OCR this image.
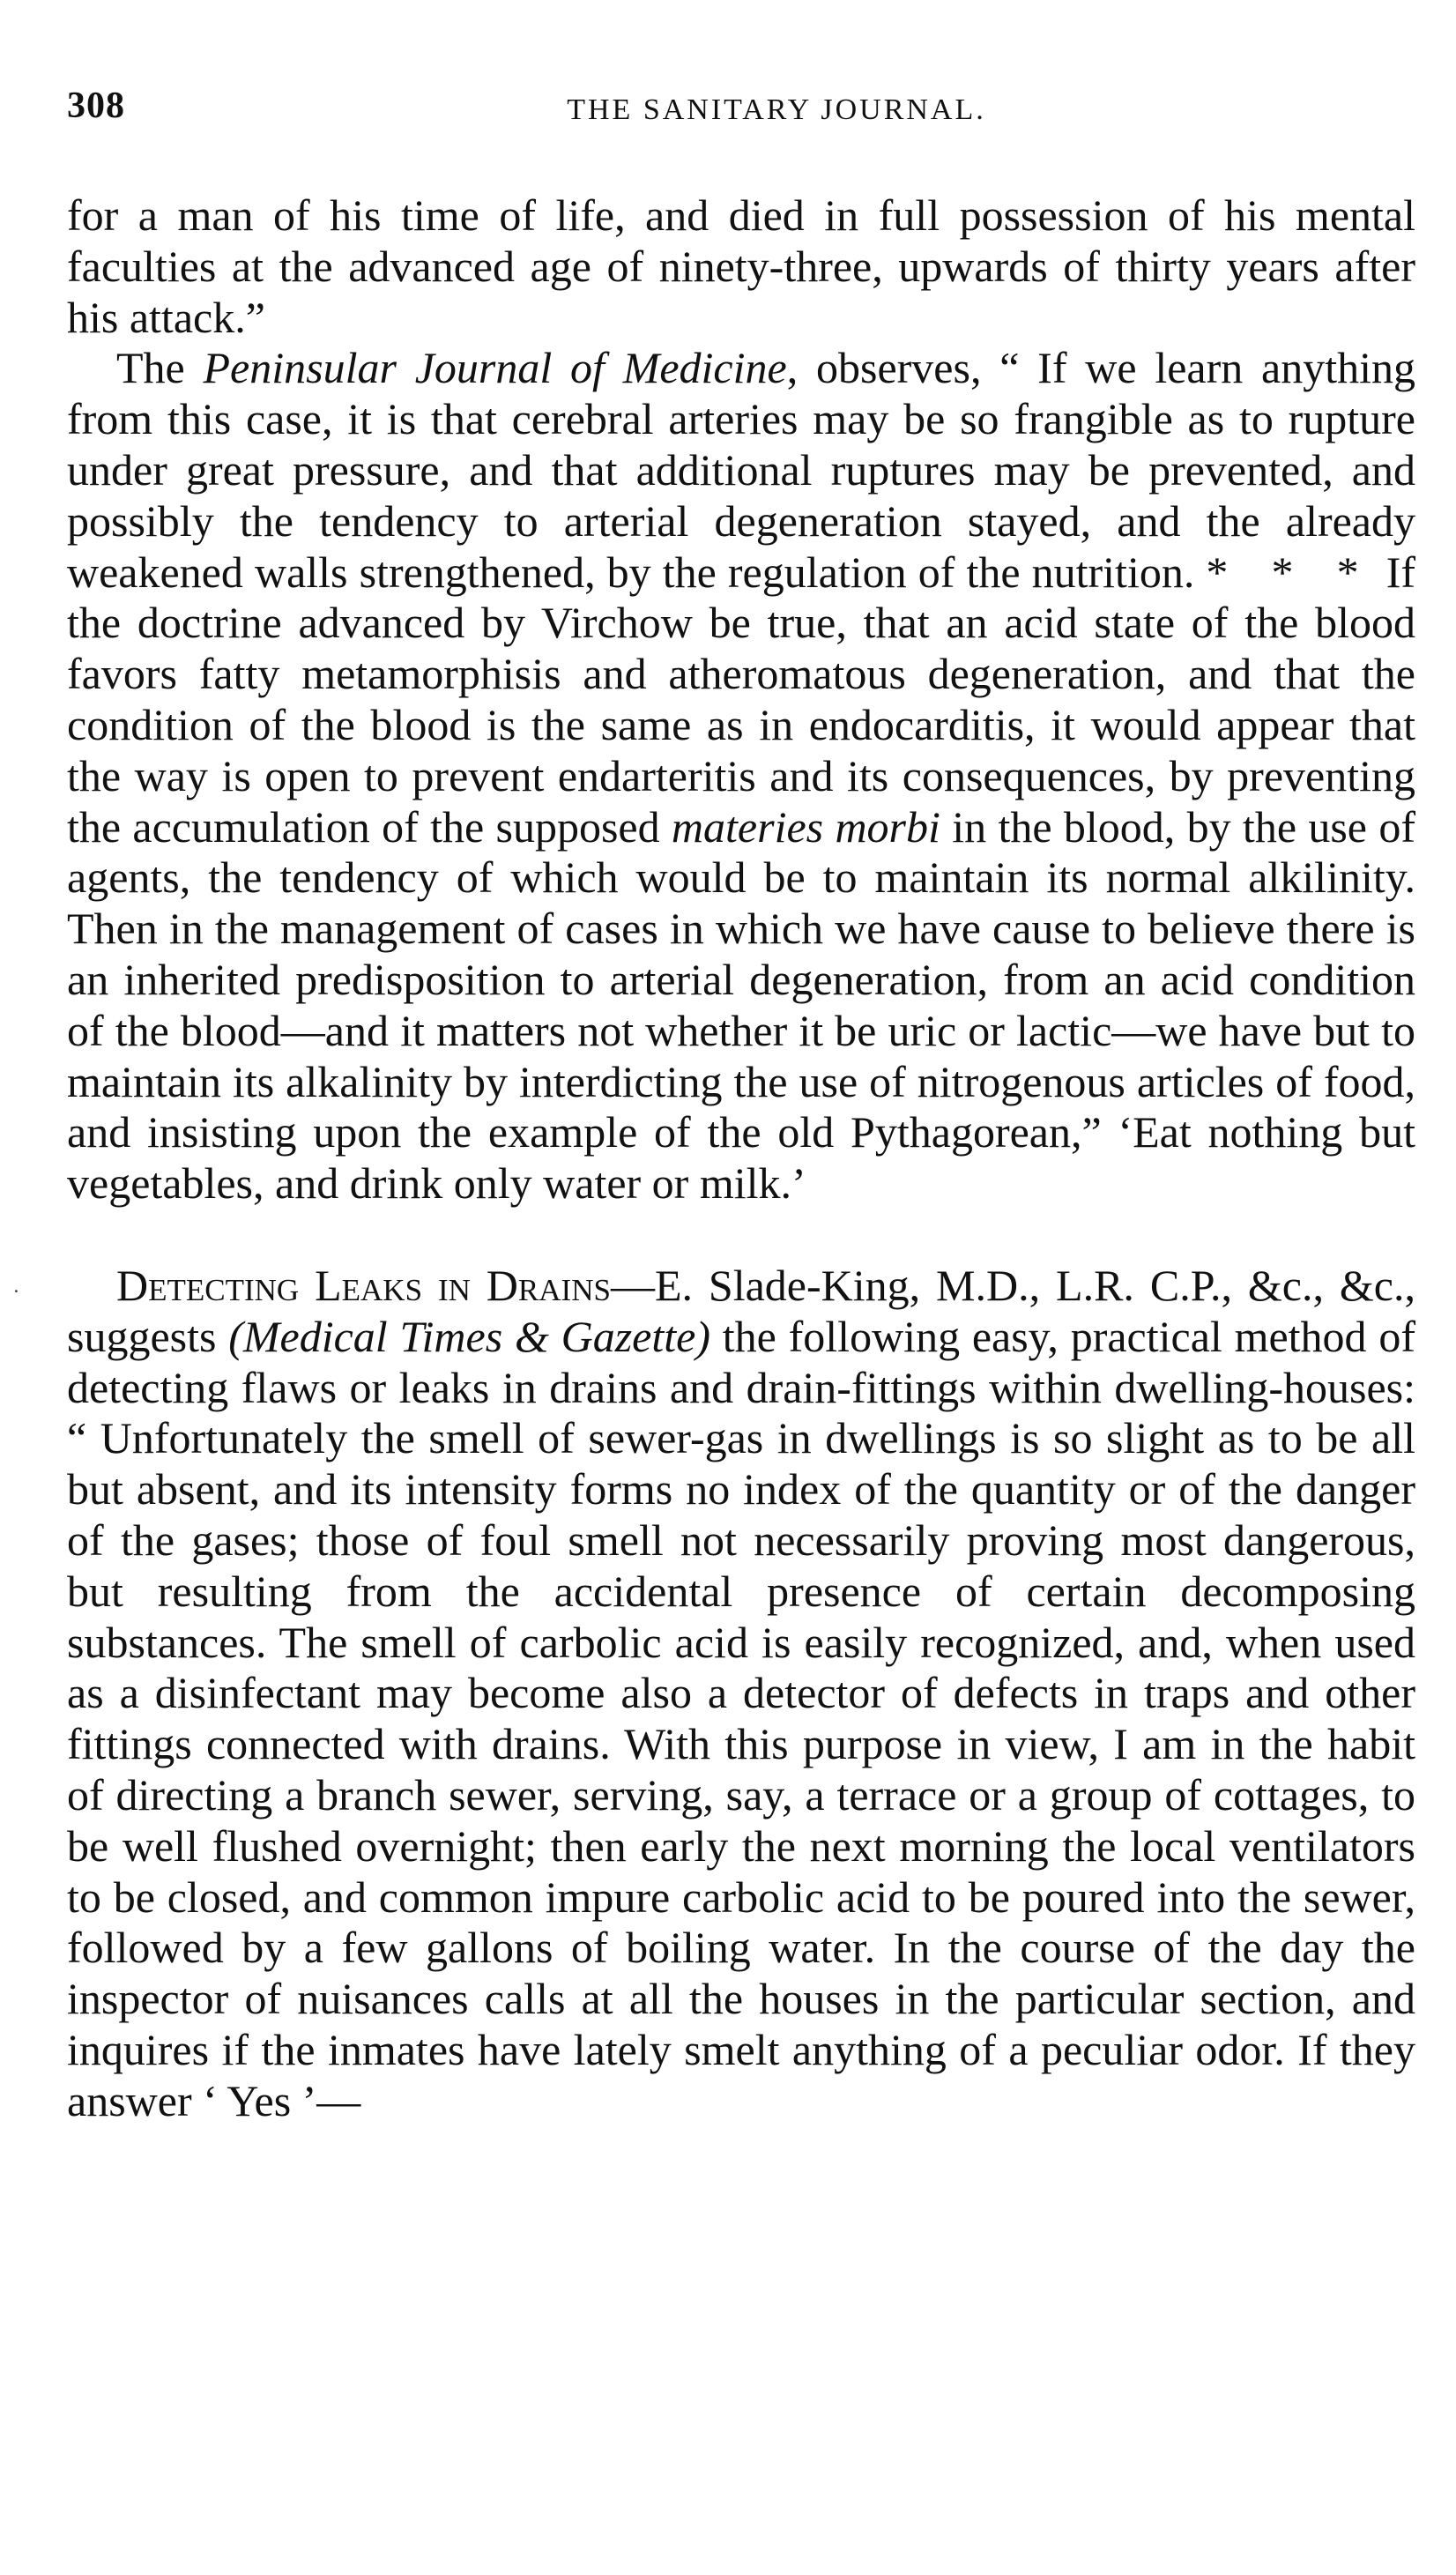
308	THE SANITARY JOURNAL.

for a man of his time of life, and died in full possession of his mental faculties at the advanced age of ninety-three, upwards of thirty years after his attack.”

The Peninsular Journal of Medicine, observes, “ If we learn anything from this case, it is that cerebral arteries may be so frangible as to rupture under great pressure, and that additional ruptures may be prevented, and possibly the tendency to arterial degeneration stayed, and the already weakened walls strengthened, by the regulation of the nutrition. * * * If the doctrine advanced by Virchow be true, that an acid state of the blood favors fatty metamorphisis and atheromatous degeneration, and that the condition of the blood is the same as in endocarditis, it would appear that the way is open to prevent endarteritis and its consequences, by preventing the accumulation of the supposed materies morbi in the blood, by the use of agents, the tendency of which would be to maintain its normal alkilinity. Then in the management of cases in which we have cause to believe there is an inherited predisposition to arterial degeneration, from an acid condition of the blood—and it matters not whether it be uric or lactic—we have but to maintain its alkalinity by interdicting the use of nitrogenous articles of food, and insisting upon the example of the old Pythagorean,” ‘Eat nothing but vegetables, and drink only water or milk.’

Detecting Leaks in Drains—E. Slade-King, M.D., L.R. C.P., &c., &c., suggests (Medical Times & Gazette) the following easy, practical method of detecting flaws or leaks in drains and drain-fittings within dwelling-houses: “ Unfortunately the smell of sewer-gas in dwellings is so slight as to be all but absent, and its intensity forms no index of the quantity or of the danger of the gases; those of foul smell not necessarily proving most dangerous, but resulting from the accidental presence of certain decomposing substances. The smell of carbolic acid is easily recognized, and, when used as a disinfectant may become also a detector of defects in traps and other fittings connected with drains. With this purpose in view, I am in the habit of directing a branch sewer, serving, say, a terrace or a group of cottages, to be well flushed overnight; then early the next morning the local ventilators to be closed, and common impure carbolic acid to be poured into the sewer, followed by a few gallons of boiling water. In the course of the day the inspector of nuisances calls at all the houses in the particular section, and inquires if the inmates have lately smelt anything of a peculiar odor. If they answer ‘ Yes ’—

˙
